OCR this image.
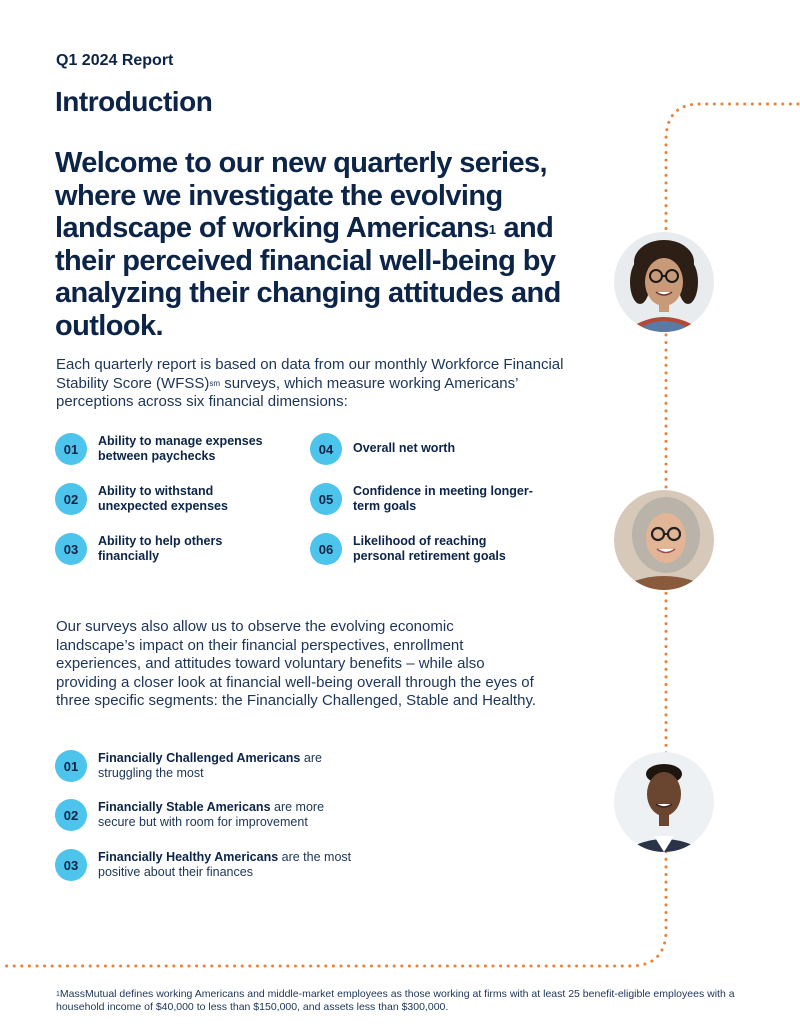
Q1 2024 Report
Introduction
Welcome to our new quarterly series, where we investigate the evolving landscape of working Americans$^1$ and their perceived financial well-being by analyzing their changing attitudes and outlook.
Each quarterly report is based on data from our monthly Workforce Financial Stability Score (WFSS)$^{sm}$ surveys, which measure working Americans’ perceptions across six financial dimensions:
01
Ability to manage expenses between paychecks
02
Ability to withstand unexpected expenses
03
Ability to help others financially
04	Overall net worth
05
Confidence in meeting longer-term goals
06
Likelihood of reaching personal retirement goals
Our surveys also allow us to observe the evolving economic landscape’s impact on their financial perspectives, enrollment experiences, and attitudes toward voluntary benefits – while also providing a closer look at financial well-being overall through the eyes of three specific segments: the Financially Challenged, Stable and Healthy.
01
Financially Challenged Americans are struggling the most
02
Financially Stable Americans are more secure but with room for improvement
03
Financially Healthy Americans are the most positive about their finances
$^1$MassMutual defines working Americans and middle-market employees as those working at firms with at least 25 benefit-eligible employees with a household income of $40,000 to less than $150,000, and assets less than $300,000.
